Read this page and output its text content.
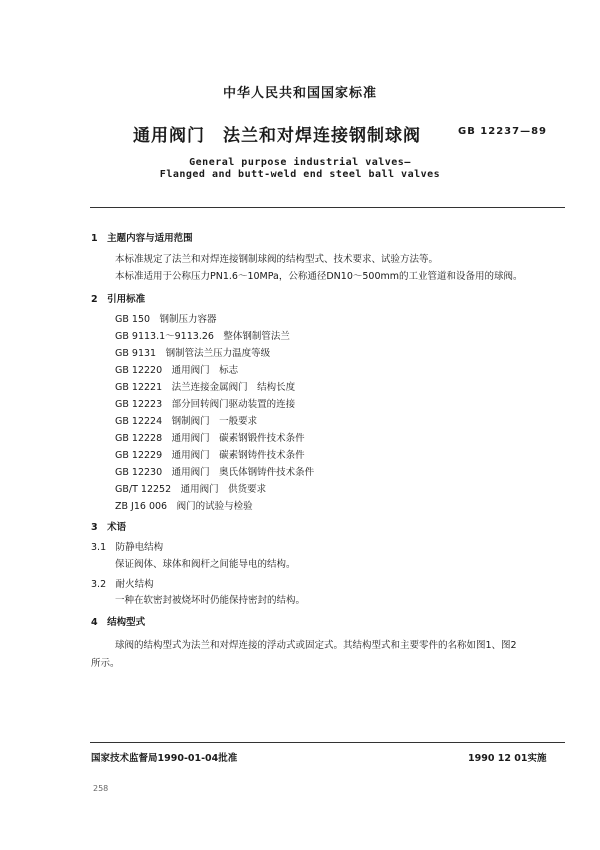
中华人民共和国国家标准
通用阀门　法兰和对焊连接钢制球阀	GB 12237—89
General purpose industrial valves—
Flanged and butt-weld end steel ball valves
1　主题内容与适用范围
本标准规定了法兰和对焊连接钢制球阀的结构型式、技术要求、试验方法等。
本标准适用于公称压力PN1.6～10MPa，公称通径DN10～500mm的工业管道和设备用的球阀。
2　引用标准
GB 150　钢制压力容器
GB 9113.1～9113.26　整体钢制管法兰
GB 9131　钢制管法兰压力温度等级
GB 12220　通用阀门　标志
GB 12221　法兰连接金属阀门　结构长度
GB 12223　部分回转阀门驱动装置的连接
GB 12224　钢制阀门　一般要求
GB 12228　通用阀门　碳素钢锻件技术条件
GB 12229　通用阀门　碳素钢铸件技术条件
GB 12230　通用阀门　奥氏体钢铸件技术条件
GB/T 12252　通用阀门　供货要求
ZB J16 006　阀门的试验与检验
3　术语
3.1　防静电结构
保证阀体、球体和阀杆之间能导电的结构。
3.2　耐火结构
一种在软密封被烧坏时仍能保持密封的结构。
4　结构型式
球阀的结构型式为法兰和对焊连接的浮动式或固定式。其结构型式和主要零件的名称如图1、图2
所示。
国家技术监督局1990-01-04批准	1990 12 01实施
258
